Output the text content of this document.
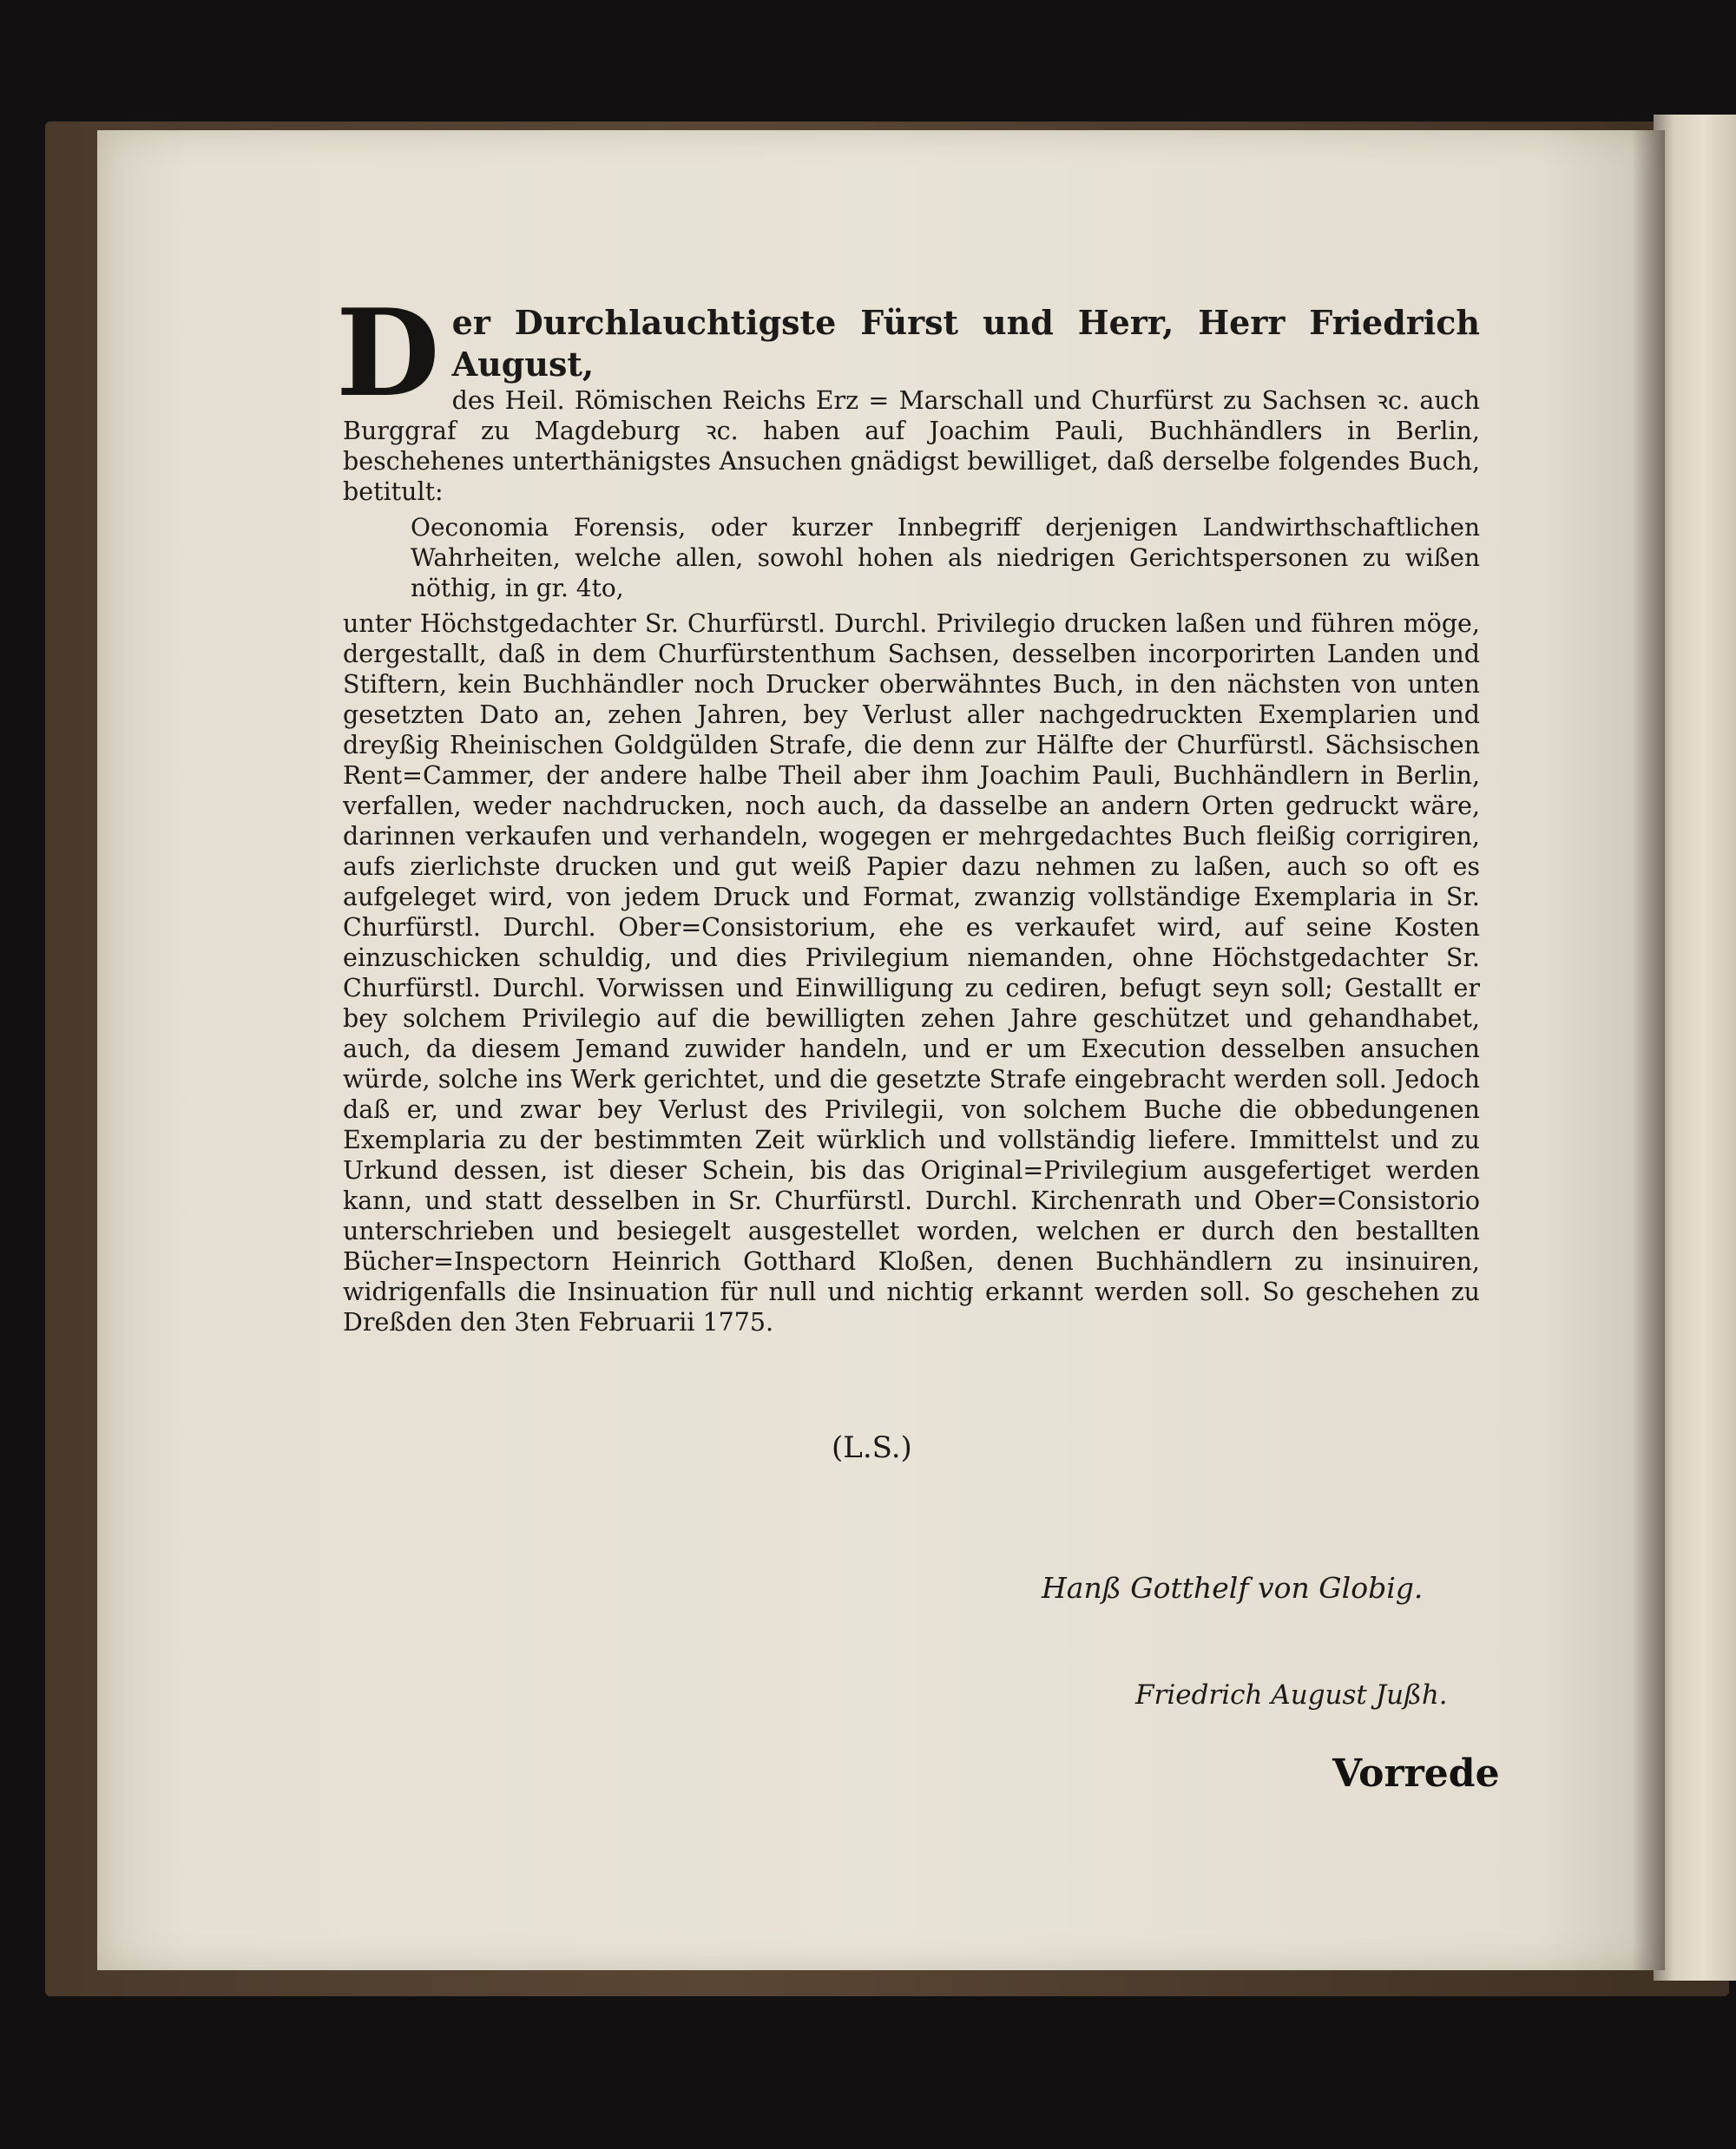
D er Durchlauchtigste Fürst und Herr, Herr Friedrich August,
des Heil. Römischen Reichs Erz = Marschall und Churfürst zu Sachsen ꝛc. auch Burggraf zu Magdeburg ꝛc. haben auf Joachim Pauli, Buchhändlers in Berlin, beschehenes unterthänigstes Ansuchen gnädigst bewilliget, daß derselbe folgendes Buch, betitult:
Oeconomia Forensis, oder kurzer Innbegriff derjenigen Landwirthschaftlichen Wahrheiten, welche allen, sowohl hohen als niedrigen Gerichtspersonen zu wißen nöthig, in gr. 4to,
unter Höchstgedachter Sr. Churfürstl. Durchl. Privilegio drucken laßen und führen möge, dergestallt, daß in dem Churfürstenthum Sachsen, desselben incorporirten Landen und Stiftern, kein Buchhändler noch Drucker oberwähntes Buch, in den nächsten von unten gesetzten Dato an, zehen Jahren, bey Verlust aller nachgedruckten Exemplarien und dreyßig Rheinischen Goldgülden Strafe, die denn zur Hälfte der Churfürstl. Sächsischen Rent=Cammer, der andere halbe Theil aber ihm Joachim Pauli, Buchhändlern in Berlin, verfallen, weder nachdrucken, noch auch, da dasselbe an andern Orten gedruckt wäre, darinnen verkaufen und verhandeln, wogegen er mehrgedachtes Buch fleißig corrigiren, aufs zierlichste drucken und gut weiß Papier dazu nehmen zu laßen, auch so oft es aufgeleget wird, von jedem Druck und Format, zwanzig vollständige Exemplaria in Sr. Churfürstl. Durchl. Ober=Consistorium, ehe es verkaufet wird, auf seine Kosten einzuschicken schuldig, und dies Privilegium niemanden, ohne Höchstgedachter Sr. Churfürstl. Durchl. Vorwissen und Einwilligung zu cediren, befugt seyn soll; Gestallt er bey solchem Privilegio auf die bewilligten zehen Jahre geschützet und gehandhabet, auch, da diesem Jemand zuwider handeln, und er um Execution desselben ansuchen würde, solche ins Werk gerichtet, und die gesetzte Strafe eingebracht werden soll. Jedoch daß er, und zwar bey Verlust des Privilegii, von solchem Buche die obbedungenen Exemplaria zu der bestimmten Zeit würklich und vollständig liefere. Immittelst und zu Urkund dessen, ist dieser Schein, bis das Original=Privilegium ausgefertiget werden kann, und statt desselben in Sr. Churfürstl. Durchl. Kirchenrath und Ober=Consistorio unterschrieben und besiegelt ausgestellet worden, welchen er durch den bestallten Bücher=Inspectorn Heinrich Gotthard Kloßen, denen Buchhändlern zu insinuiren, widrigenfalls die Insinuation für null und nichtig erkannt werden soll. So geschehen zu Dreßden den 3ten Februarii 1775.
(L.S.)
Hanß Gotthelf von Globig.
Friedrich August Jußh.
Vorrede
